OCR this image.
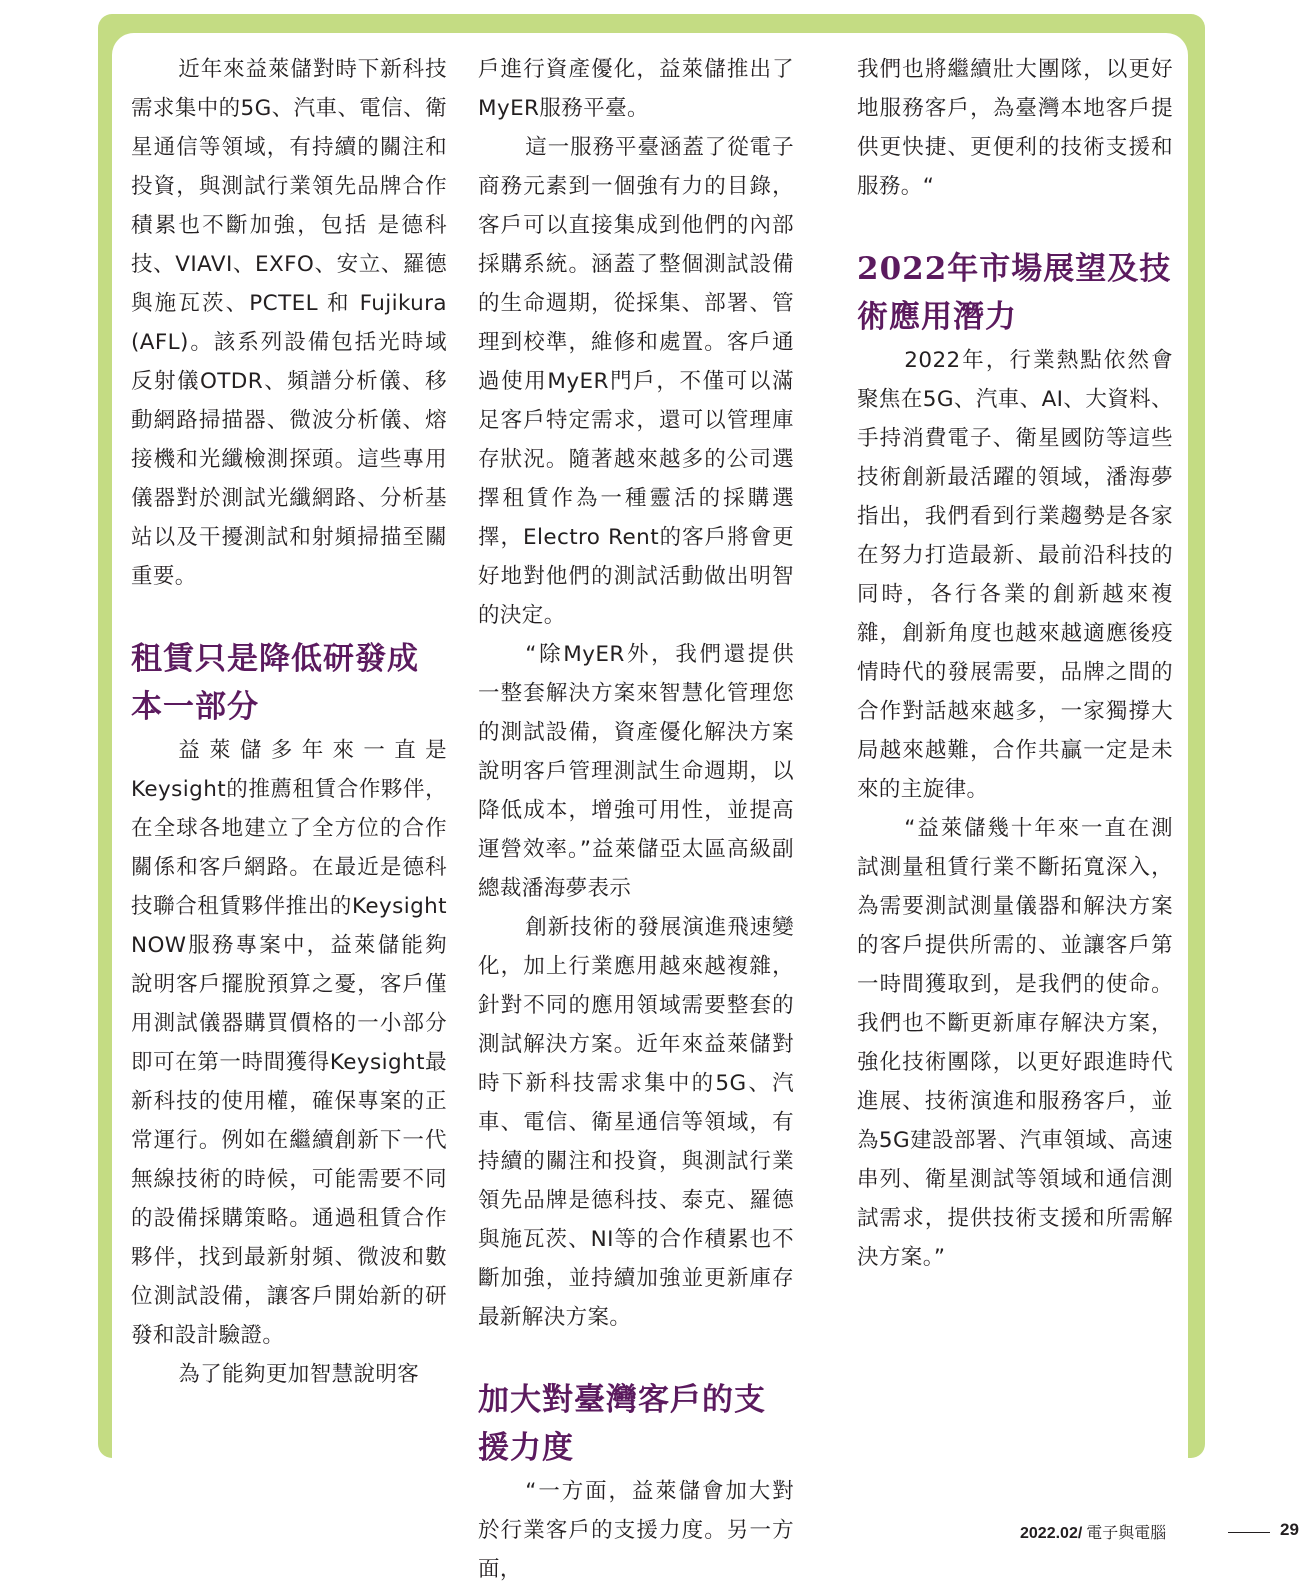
近年來益萊儲對時下新科技需求集中的5G、汽車、電信、衛星通信等領域，有持續的關注和投資，與測試行業領先品牌合作積累也不斷加強，包括 是德科技、VIAVI、EXFO、安立、羅德與施瓦茨、PCTEL 和 Fujikura (AFL)。該系列設備包括光時域反射儀OTDR、頻譜分析儀、移動網路掃描器、微波分析儀、熔接機和光纖檢測探頭。這些專用儀器對於測試光纖網路、分析基站以及干擾測試和射頻掃描至關重要。

租賃只是降低研發成本一部分

益萊儲多年來一直是Keysight的推薦租賃合作夥伴，在全球各地建立了全方位的合作關係和客戶網路。在最近是德科技聯合租賃夥伴推出的Keysight NOW服務專案中，益萊儲能夠說明客戶擺脫預算之憂，客戶僅用測試儀器購買價格的一小部分即可在第一時間獲得Keysight最新科技的使用權，確保專案的正常運行。例如在繼續創新下一代無線技術的時候，可能需要不同的設備採購策略。通過租賃合作夥伴，找到最新射頻、微波和數位測試設備，讓客戶開始新的研發和設計驗證。

為了能夠更加智慧說明客

戶進行資產優化，益萊儲推出了MyER服務平臺。

這一服務平臺涵蓋了從電子商務元素到一個強有力的目錄，客戶可以直接集成到他們的內部採購系統。涵蓋了整個測試設備的生命週期，從採集、部署、管理到校準，維修和處置。客戶通過使用MyER門戶，不僅可以滿足客戶特定需求，還可以管理庫存狀況。隨著越來越多的公司選擇租賃作為一種靈活的採購選擇，Electro Rent的客戶將會更好地對他們的測試活動做出明智的決定。

“除MyER外，我們還提供一整套解決方案來智慧化管理您的測試設備，資產優化解決方案說明客戶管理測試生命週期，以降低成本，增強可用性，並提高運營效率。”益萊儲亞太區高級副總裁潘海夢表示

創新技術的發展演進飛速變化，加上行業應用越來越複雜，針對不同的應用領域需要整套的測試解決方案。近年來益萊儲對時下新科技需求集中的5G、汽車、電信、衛星通信等領域，有持續的關注和投資，與測試行業領先品牌是德科技、泰克、羅德與施瓦茨、NI等的合作積累也不斷加強，並持續加強並更新庫存最新解決方案。

加大對臺灣客戶的支援力度

“一方面，益萊儲會加大對於行業客戶的支援力度。另一方面，

我們也將繼續壯大團隊，以更好地服務客戶，為臺灣本地客戶提供更快捷、更便利的技術支援和服務。“

2022年市場展望及技術應用潛力

2022年，行業熱點依然會聚焦在5G、汽車、AI、大資料、手持消費電子、衛星國防等這些技術創新最活躍的領域，潘海夢指出，我們看到行業趨勢是各家在努力打造最新、最前沿科技的同時，各行各業的創新越來複雜，創新角度也越來越適應後疫情時代的發展需要，品牌之間的合作對話越來越多，一家獨撐大局越來越難，合作共贏一定是未來的主旋律。

“益萊儲幾十年來一直在測試測量租賃行業不斷拓寬深入，為需要測試測量儀器和解決方案的客戶提供所需的、並讓客戶第一時間獲取到，是我們的使命。我們也不斷更新庫存解決方案，強化技術團隊，以更好跟進時代進展、技術演進和服務客戶，並為5G建設部署、汽車領域、高速串列、衛星測試等領域和通信測試需求，提供技術支援和所需解決方案。”

2022.02/ 電子與電腦	29
